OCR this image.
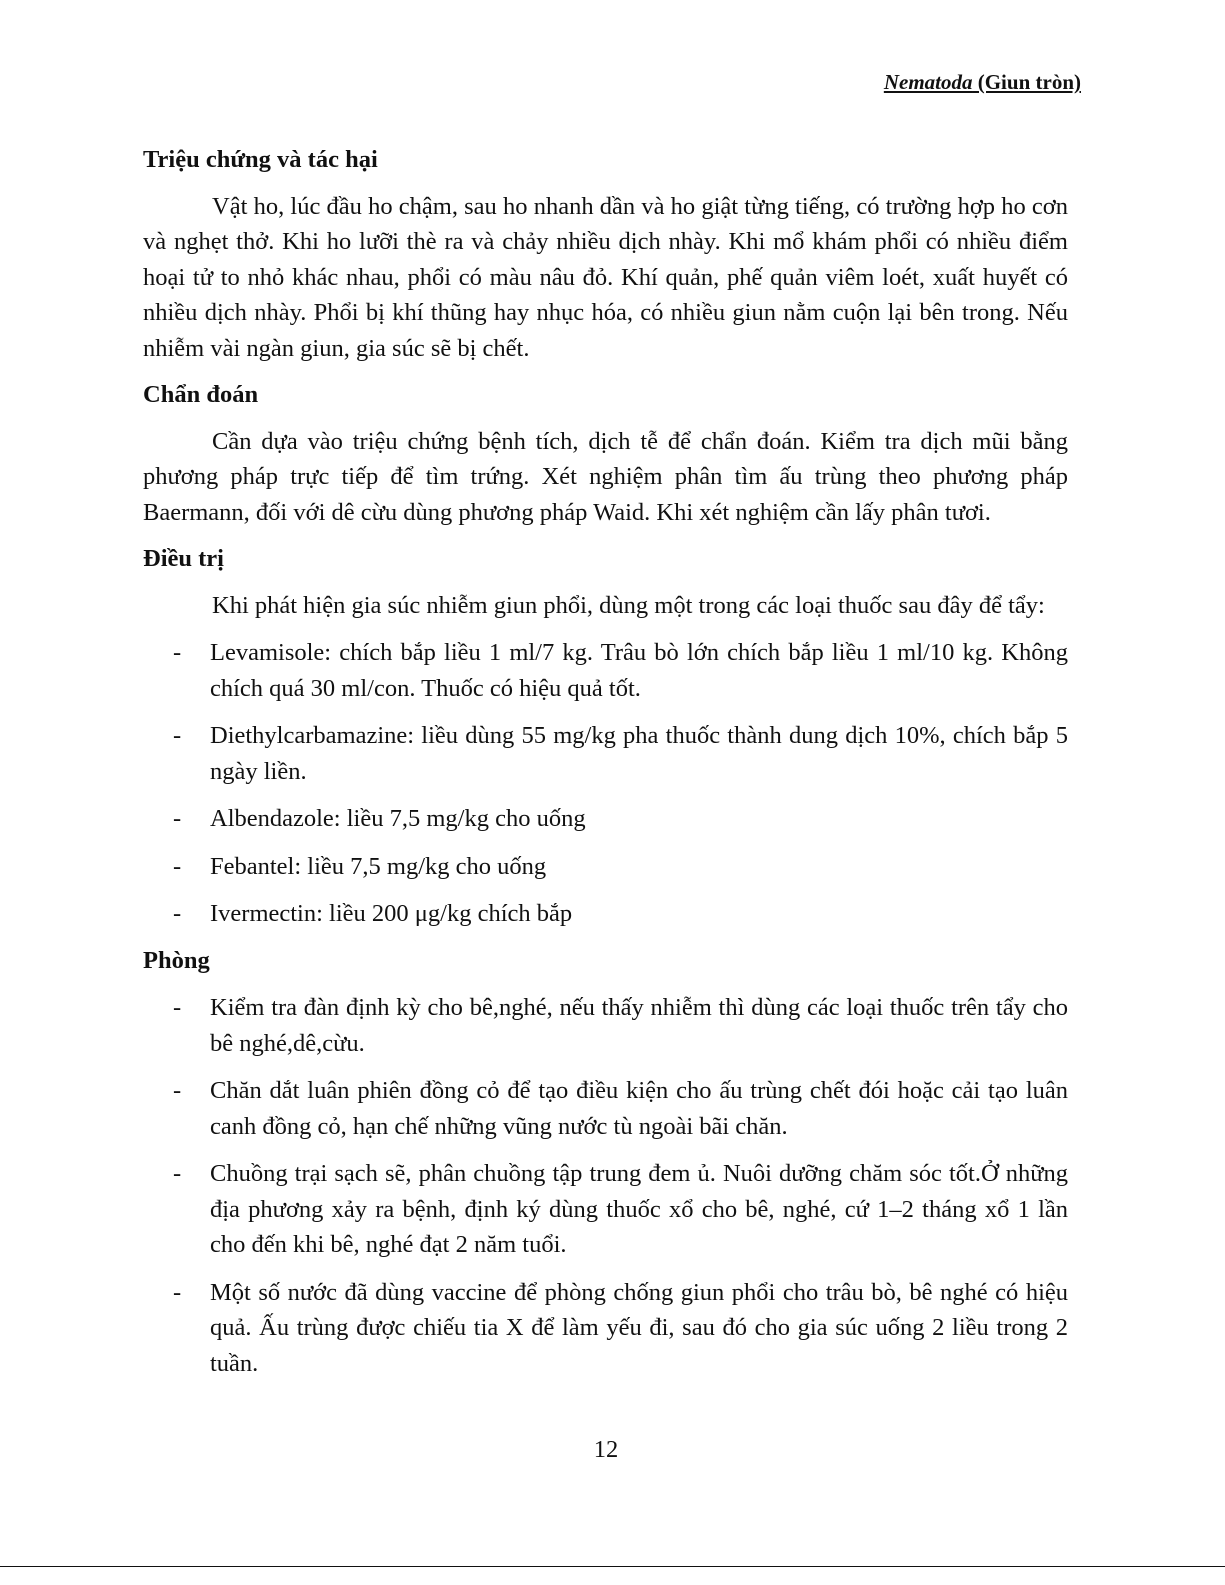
Nematoda (Giun tròn)
Triệu chứng và tác hại

Vật ho, lúc đầu ho chậm, sau ho nhanh dần và ho giật từng tiếng, có trường hợp ho cơn và nghẹt thở. Khi ho lưỡi thè ra và chảy nhiều dịch nhày. Khi mổ khám phổi có nhiều điểm hoại tử to nhỏ khác nhau, phổi có màu nâu đỏ. Khí quản, phế quản viêm loét, xuất huyết có nhiều dịch nhày. Phổi bị khí thũng hay nhục hóa, có nhiều giun nằm cuộn lại bên trong. Nếu nhiễm vài ngàn giun, gia súc sẽ bị chết.

Chẩn đoán

Cần dựa vào triệu chứng bệnh tích, dịch tễ để chẩn đoán. Kiểm tra dịch mũi bằng phương pháp trực tiếp để tìm trứng. Xét nghiệm phân tìm ấu trùng theo phương pháp Baermann, đối với dê cừu dùng phương pháp Waid. Khi xét nghiệm cần lấy phân tươi.

Điều trị

Khi phát hiện gia súc nhiễm giun phổi, dùng một trong các loại thuốc sau đây để tẩy:

- Levamisole: chích bắp liều 1 ml/7 kg. Trâu bò lớn chích bắp liều 1 ml/10 kg. Không chích quá 30 ml/con. Thuốc có hiệu quả tốt.
- Diethylcarbamazine: liều dùng 55 mg/kg pha thuốc thành dung dịch 10%, chích bắp 5 ngày liền.
- Albendazole: liều 7,5 mg/kg cho uống
- Febantel: liều 7,5 mg/kg cho uống
- Ivermectin: liều 200 μg/kg chích bắp
Phòng
- Kiểm tra đàn định kỳ cho bê,nghé, nếu thấy nhiễm thì dùng các loại thuốc trên tẩy cho bê nghé,dê,cừu.
- Chăn dắt luân phiên đồng cỏ để tạo điều kiện cho ấu trùng chết đói hoặc cải tạo luân canh đồng cỏ, hạn chế những vũng nước tù ngoài bãi chăn.
- Chuồng trại sạch sẽ, phân chuồng tập trung đem ủ. Nuôi dưỡng chăm sóc tốt.Ở những địa phương xảy ra bệnh, định ký dùng thuốc xổ cho bê, nghé, cứ 1–2 tháng xổ 1 lần cho đến khi bê, nghé đạt 2 năm tuổi.
- Một số nước đã dùng vaccine để phòng chống giun phổi cho trâu bò, bê nghé có hiệu quả. Ấu trùng được chiếu tia X để làm yếu đi, sau đó cho gia súc uống 2 liều trong 2 tuần.
12
